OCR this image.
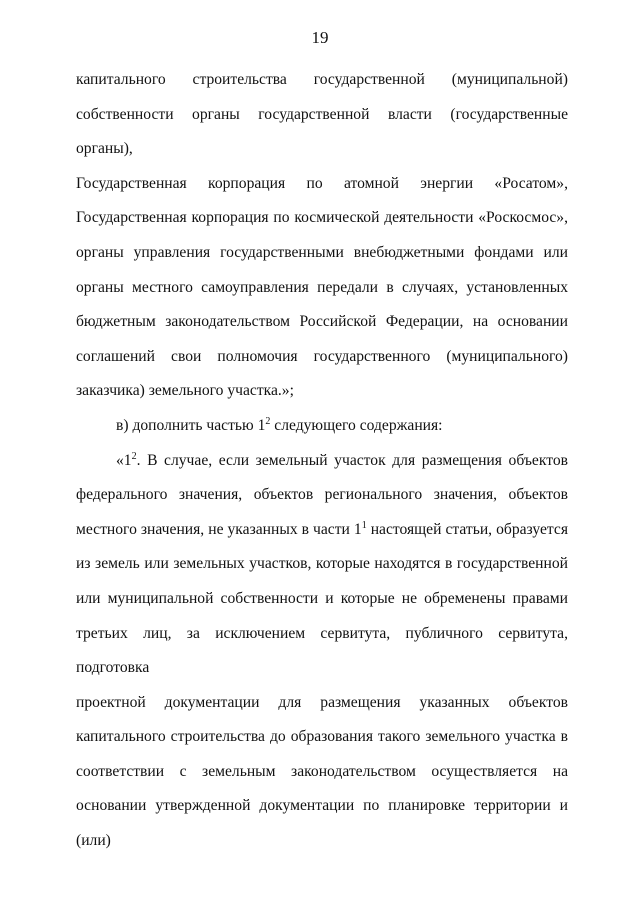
19
капитального строительства государственной (муниципальной)
собственности органы государственной власти (государственные органы),
Государственная корпорация по атомной энергии «Росатом»,
Государственная корпорация по космической деятельности «Роскосмос»,
органы управления государственными внебюджетными фондами или
органы местного самоуправления передали в случаях, установленных
бюджетным законодательством Российской Федерации, на основании
соглашений свои полномочия государственного (муниципального)
заказчика) земельного участка.»;
в) дополнить частью $1^2$ следующего содержания:
«$1^2$. В случае, если земельный участок для размещения объектов
федерального значения, объектов регионального значения, объектов
местного значения, не указанных в части $1^1$ настоящей статьи, образуется
из земель или земельных участков, которые находятся в государственной
или муниципальной собственности и которые не обременены правами
третьих лиц, за исключением сервитута, публичного сервитута, подготовка
проектной документации для размещения указанных объектов
капитального строительства до образования такого земельного участка в
соответствии с земельным законодательством осуществляется на
основании утвержденной документации по планировке территории и (или)
